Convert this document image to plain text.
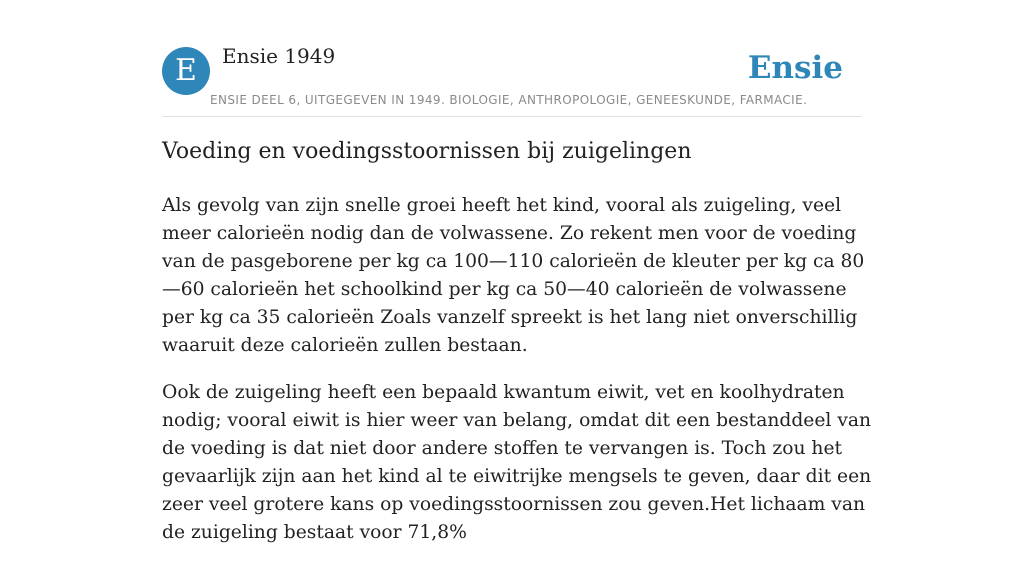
E	Ensie 1949	Ensie
ENSIE DEEL 6, UITGEGEVEN IN 1949. BIOLOGIE, ANTHROPOLOGIE, GENEESKUNDE, FARMACIE.
Voeding en voedingsstoornissen bij zuigelingen

Als gevolg van zijn snelle groei heeft het kind, vooral als zuigeling, veel meer calorieën nodig dan de volwassene. Zo rekent men voor de voeding van de pasgeborene per kg ca 100—110 calorieën de kleuter per kg ca 80—60 calorieën het schoolkind per kg ca 50—40 calorieën de volwassene per kg ca 35 calorieën Zoals vanzelf spreekt is het lang niet onverschillig waaruit deze calorieën zullen bestaan.

Ook de zuigeling heeft een bepaald kwantum eiwit, vet en koolhydraten nodig; vooral eiwit is hier weer van belang, omdat dit een bestanddeel van de voeding is dat niet door andere stoffen te vervangen is. Toch zou het gevaarlijk zijn aan het kind al te eiwitrijke mengsels te geven, daar dit een zeer veel grotere kans op voedingsstoornissen zou geven.Het lichaam van de zuigeling bestaat voor 71,8%
